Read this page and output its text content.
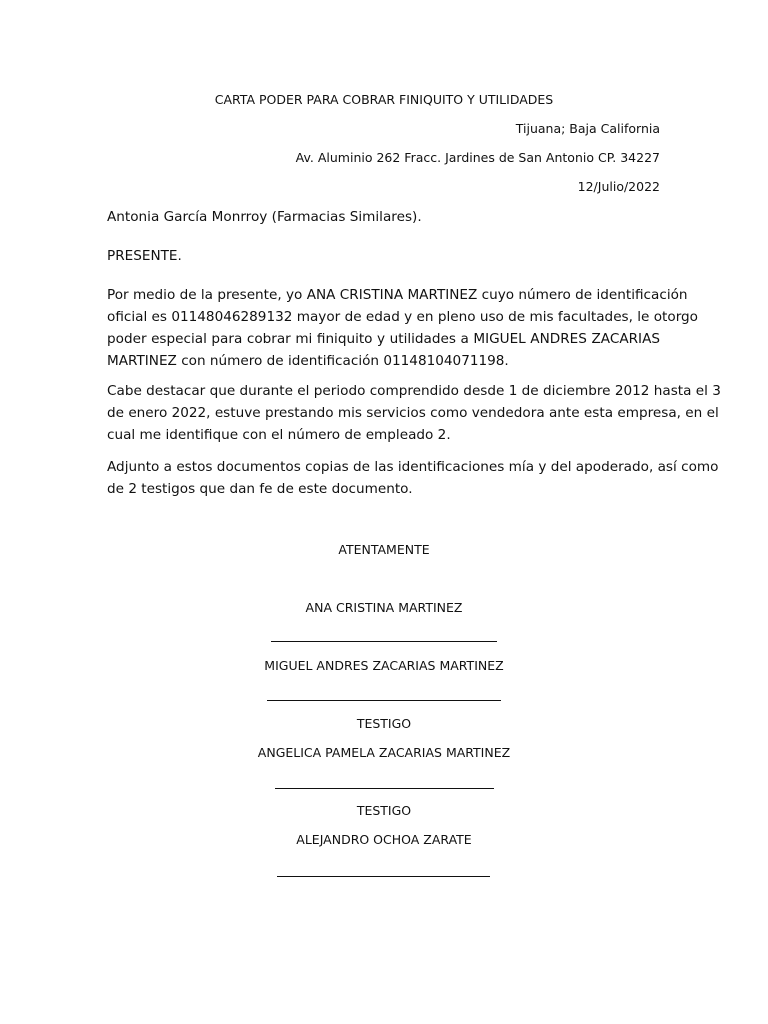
CARTA PODER PARA COBRAR FINIQUITO Y UTILIDADES
Tijuana; Baja California
Av. Aluminio 262 Fracc. Jardines de San Antonio CP. 34227
12/Julio/2022
Antonia García Monrroy (Farmacias Similares).
PRESENTE.
Por medio de la presente, yo ANA CRISTINA MARTINEZ cuyo número de identificación
oficial es 01148046289132 mayor de edad y en pleno uso de mis facultades, le otorgo
poder especial para cobrar mi finiquito y utilidades a MIGUEL ANDRES ZACARIAS
MARTINEZ con número de identificación 01148104071198.
Cabe destacar que durante el periodo comprendido desde 1 de diciembre 2012 hasta el 3
de enero 2022, estuve prestando mis servicios como vendedora ante esta empresa, en el
cual me identifique con el número de empleado 2.
Adjunto a estos documentos copias de las identificaciones mía y del apoderado, así como
de 2 testigos que dan fe de este documento.
ATENTAMENTE
ANA CRISTINA MARTINEZ
MIGUEL ANDRES ZACARIAS MARTINEZ
TESTIGO
ANGELICA PAMELA ZACARIAS MARTINEZ
TESTIGO
ALEJANDRO OCHOA ZARATE
